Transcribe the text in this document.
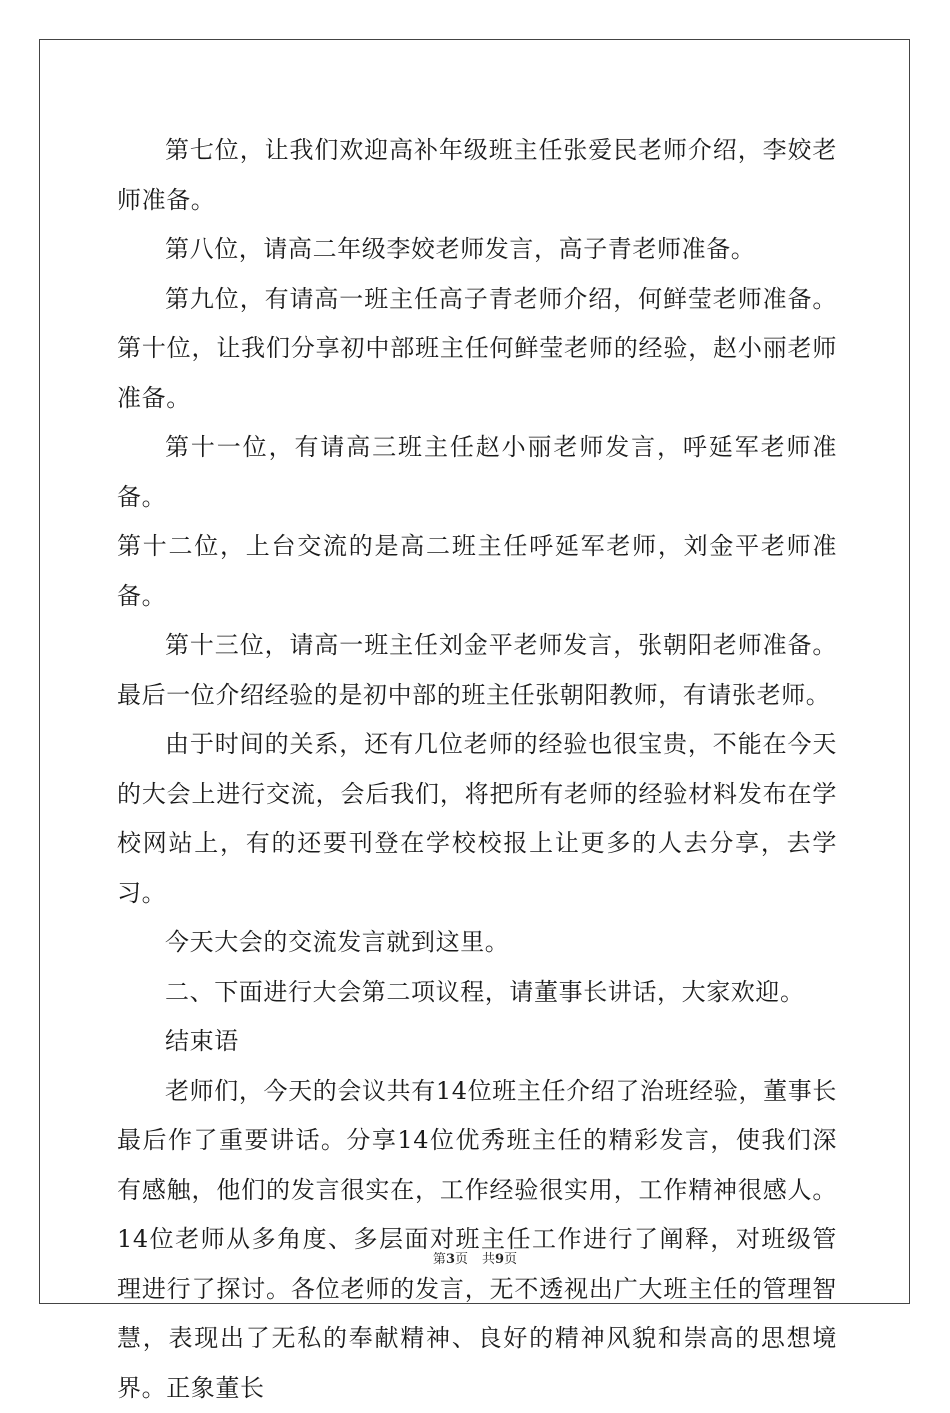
第七位，让我们欢迎高补年级班主任张爱民老师介绍，李姣老师准备。

第八位，请高二年级李姣老师发言，高子青老师准备。

第九位，有请高一班主任高子青老师介绍，何鲜莹老师准备。第十位，让我们分享初中部班主任何鲜莹老师的经验，赵小丽老师准备。

第十一位，有请高三班主任赵小丽老师发言，呼延军老师准备。

第十二位，上台交流的是高二班主任呼延军老师，刘金平老师准备。

第十三位，请高一班主任刘金平老师发言，张朝阳老师准备。最后一位介绍经验的是初中部的班主任张朝阳教师，有请张老师。

由于时间的关系，还有几位老师的经验也很宝贵，不能在今天的大会上进行交流，会后我们，将把所有老师的经验材料发布在学校网站上，有的还要刊登在学校校报上让更多的人去分享，去学习。

今天大会的交流发言就到这里。

二、下面进行大会第二项议程，请董事长讲话，大家欢迎。

结束语

老师们，今天的会议共有14位班主任介绍了治班经验，董事长最后作了重要讲话。分享14位优秀班主任的精彩发言，使我们深有感触，他们的发言很实在，工作经验很实用，工作精神很感人。14位老师从多角度、多层面对班主任工作进行了阐释，对班级管理进行了探讨。各位老师的发言，无不透视出广大班主任的管理智慧，表现出了无私的奉献精神、良好的精神风貌和崇高的思想境界。正象董长

第3页 共9页
